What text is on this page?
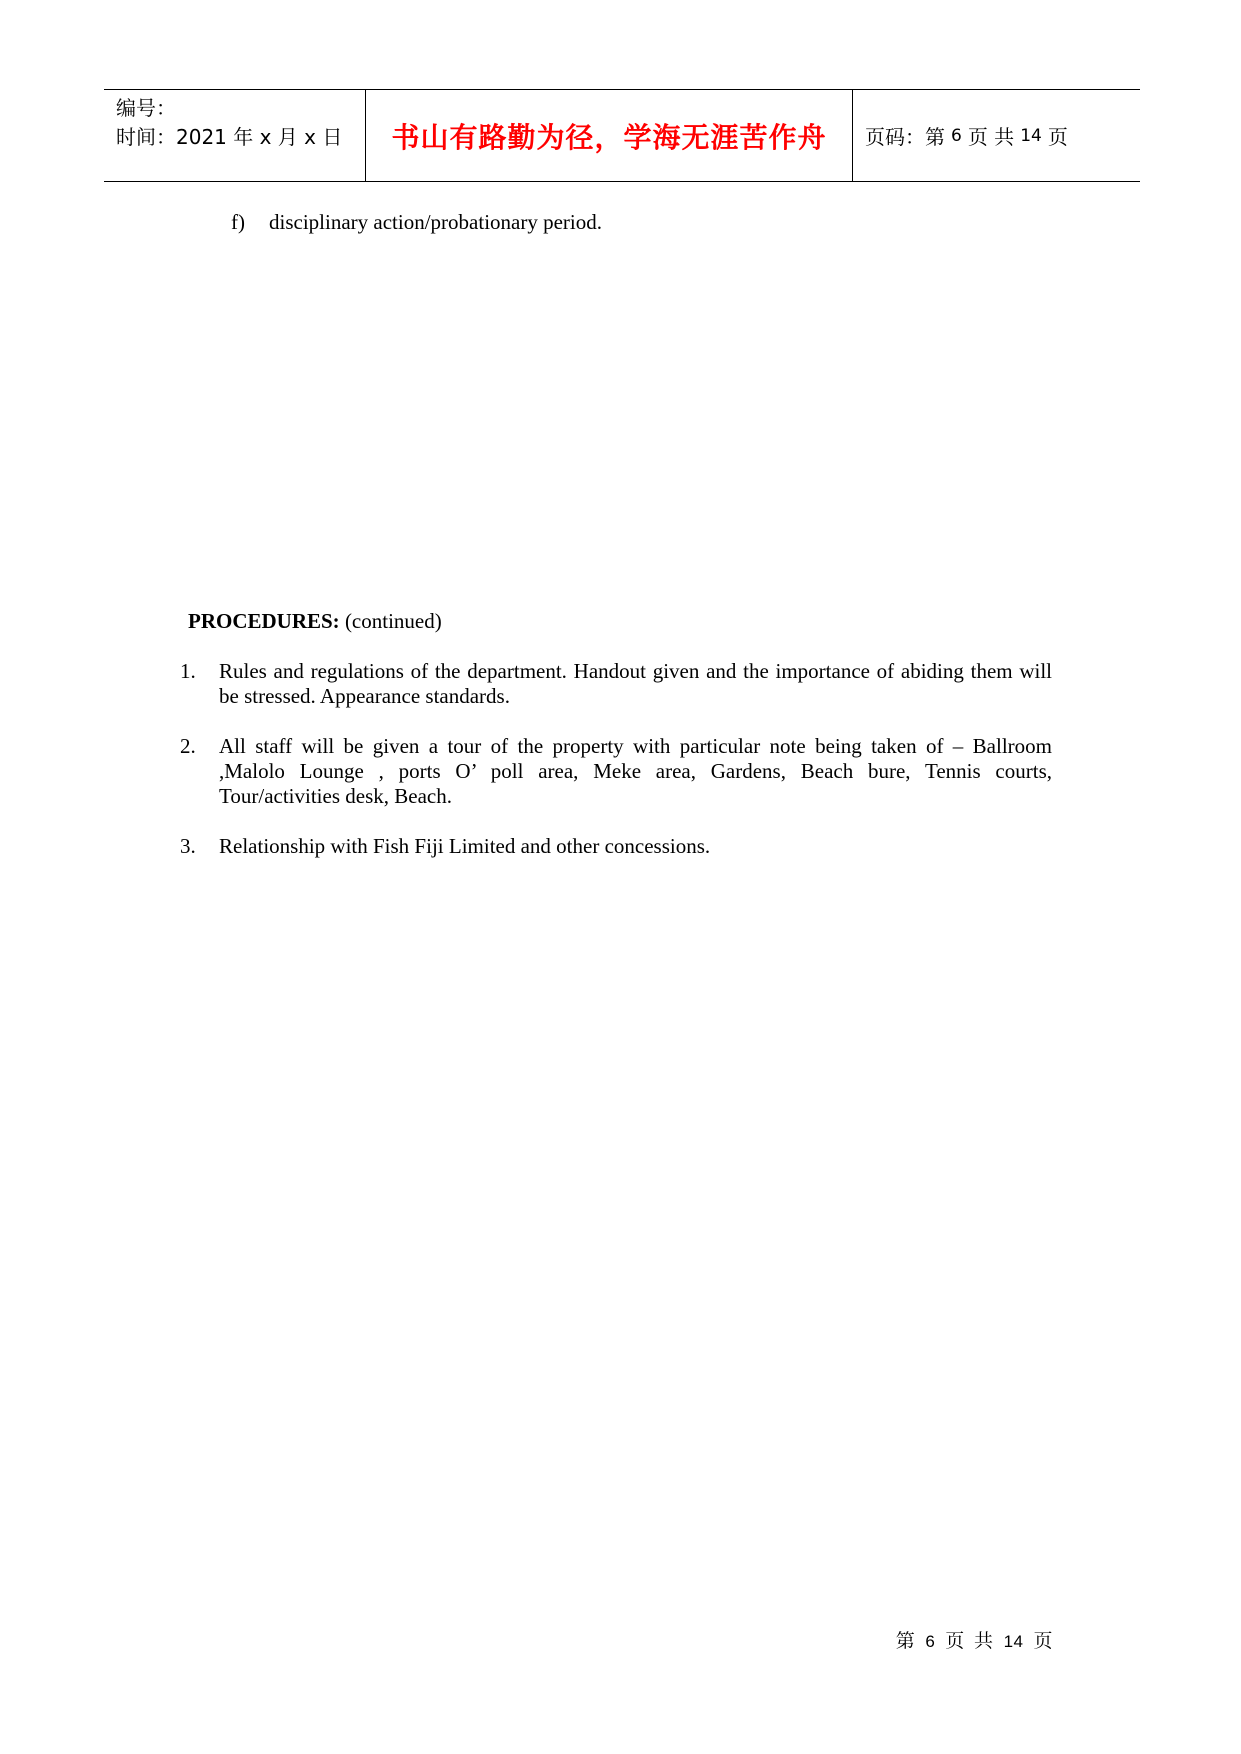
编号：
时间：2021 年 x 月 x 日	书山有路勤为径，学海无涯苦作舟 页码：第 6 页 共 14 页
f) disciplinary action/probationary period.
PROCEDURES: (continued)
1. Rules and regulations of the department. Handout given and the importance of abiding them will be stressed. Appearance standards.
2. All staff will be given a tour of the property with particular note being taken of – Ballroom ,Malolo Lounge , ports O’ poll area, Meke area, Gardens, Beach bure, Tennis courts, Tour/activities desk, Beach.
3. Relationship with Fish Fiji Limited and other concessions.
第 6 页 共 14 页
